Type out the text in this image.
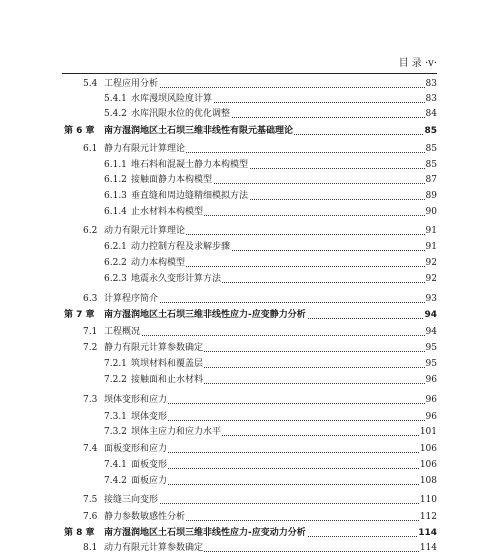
目 录 ·v·
5.4 工程应用分析	83
5.4.1 水库漫坝风险度计算	83
5.4.2 水库汛限水位的优化调整	84
第 6 章 南方湿润地区土石坝三维非线性有限元基础理论	85
6.1 静力有限元计算理论	85
6.1.1 堆石料和混凝土静力本构模型	85
6.1.2 接触面静力本构模型	87
6.1.3 垂直缝和周边缝精细模拟方法	89
6.1.4 止水材料本构模型	90
6.2 动力有限元计算理论	91
6.2.1 动力控制方程及求解步骤	91
6.2.2 动力本构模型	92
6.2.3 地震永久变形计算方法	92
6.3 计算程序简介	93
第 7 章 南方湿润地区土石坝三维非线性应力-应变静力分析	94
7.1 工程概况	94
7.2 静力有限元计算参数确定	95
7.2.1 筑坝材料和覆盖层	95
7.2.2 接触面和止水材料	96
7.3 坝体变形和应力	96
7.3.1 坝体变形	96
7.3.2 坝体主应力和应力水平	101
7.4 面板变形和应力	106
7.4.1 面板变形	106
7.4.2 面板应力	108
7.5 接缝三向变形	110
7.6 静力参数敏感性分析	112
第 8 章 南方湿润地区土石坝三维非线性应力-应变动力分析	114
8.1 动力有限元计算参数确定	114
